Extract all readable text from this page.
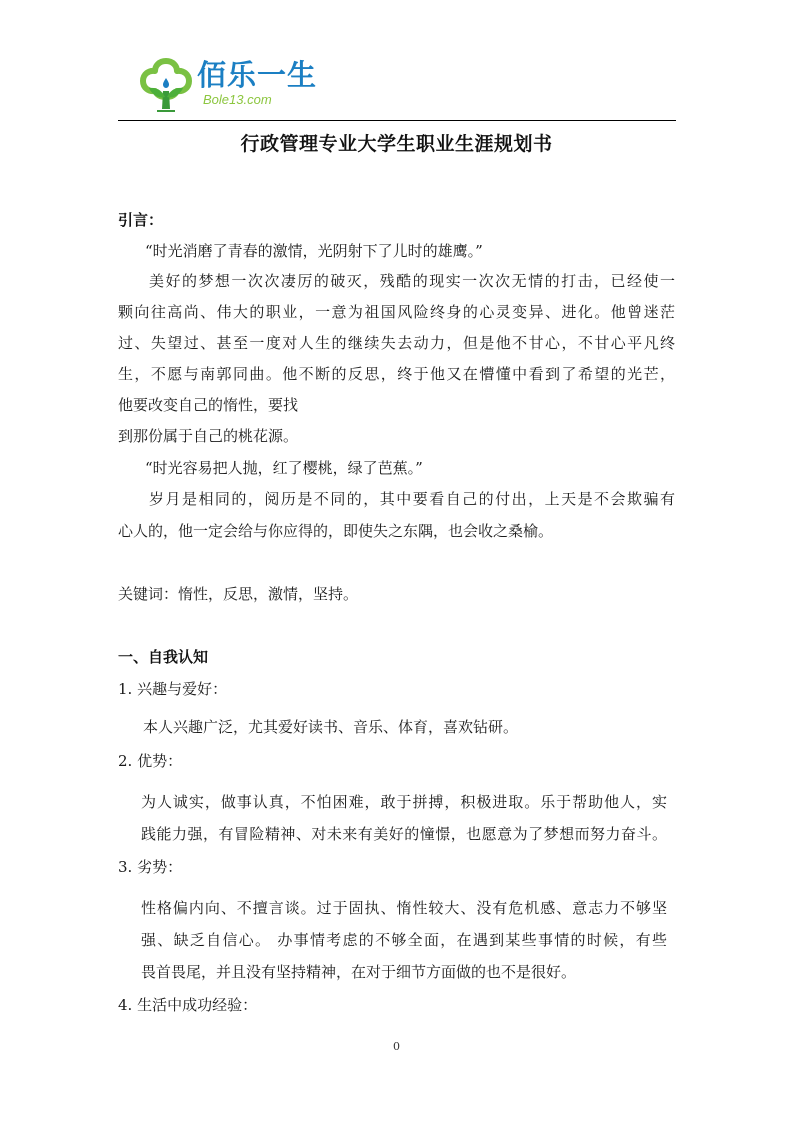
佰乐一生
Bole13.com
行政管理专业大学生职业生涯规划书
引言：
“时光消磨了青春的激情，光阴射下了儿时的雄鹰。”
美好的梦想一次次凄厉的破灭，残酷的现实一次次无情的打击，已经使一
颗向往高尚、伟大的职业，一意为祖国风险终身的心灵变异、进化。他曾迷茫
过、失望过、甚至一度对人生的继续失去动力，但是他不甘心，不甘心平凡终
生，不愿与南郭同曲。他不断的反思，终于他又在懵懂中看到了希望的光芒，
他要改变自己的惰性，要找
到那份属于自己的桃花源。
“时光容易把人抛，红了樱桃，绿了芭蕉。”
岁月是相同的，阅历是不同的，其中要看自己的付出，上天是不会欺骗有
心人的，他一定会给与你应得的，即使失之东隅，也会收之桑榆。
关键词：惰性，反思，激情，坚持。
一、自我认知
1. 兴趣与爱好：
本人兴趣广泛，尤其爱好读书、音乐、体育，喜欢钻研。
2. 优势：
为人诚实，做事认真，不怕困难，敢于拼搏，积极进取。乐于帮助他人，实
践能力强，有冒险精神、对未来有美好的憧憬，也愿意为了梦想而努力奋斗。
3. 劣势：
性格偏内向、不擅言谈。过于固执、惰性较大、没有危机感、意志力不够坚
强、缺乏自信心。 办事情考虑的不够全面，在遇到某些事情的时候，有些
畏首畏尾，并且没有坚持精神，在对于细节方面做的也不是很好。
4. 生活中成功经验：
0
